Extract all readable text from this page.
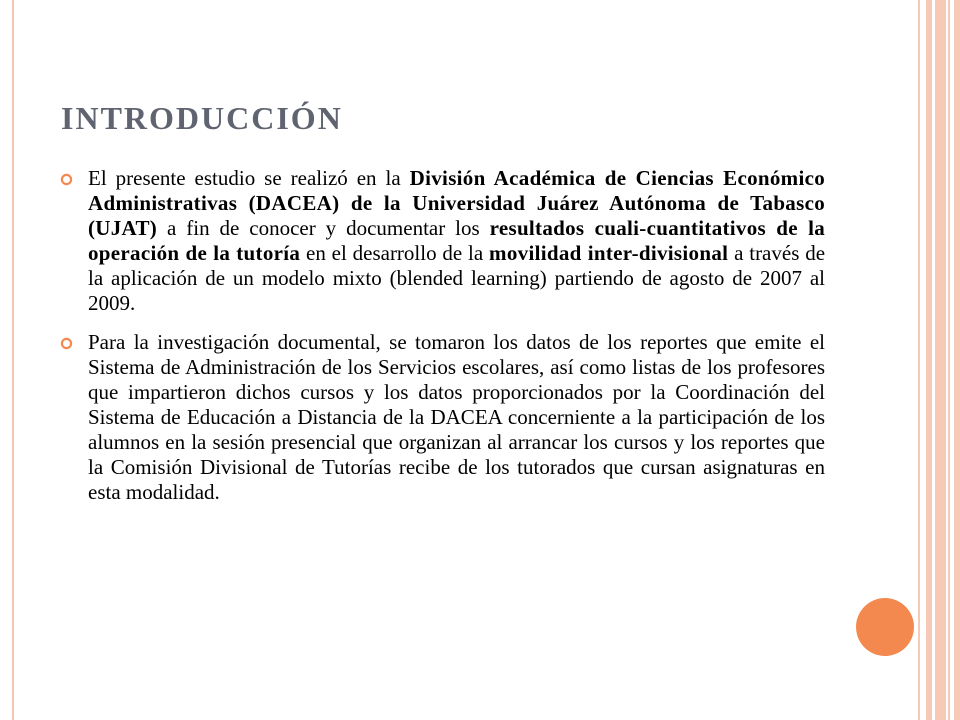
INTRODUCCIÓN
El presente estudio se realizó en la División Académica de Ciencias Económico Administrativas (DACEA) de la Universidad Juárez Autónoma de Tabasco (UJAT) a fin de conocer y documentar los resultados cuali-cuantitativos de la operación de la tutoría en el desarrollo de la movilidad inter-divisional a través de la aplicación de un modelo mixto (blended learning) partiendo de agosto de 2007 al 2009.
Para la investigación documental, se tomaron los datos de los reportes que emite el Sistema de Administración de los Servicios escolares, así como listas de los profesores que impartieron dichos cursos y los datos proporcionados por la Coordinación del Sistema de Educación a Distancia de la DACEA concerniente a la participación de los alumnos en la sesión presencial que organizan al arrancar los cursos y los reportes que la Comisión Divisional de Tutorías recibe de los tutorados que cursan asignaturas en esta modalidad.
